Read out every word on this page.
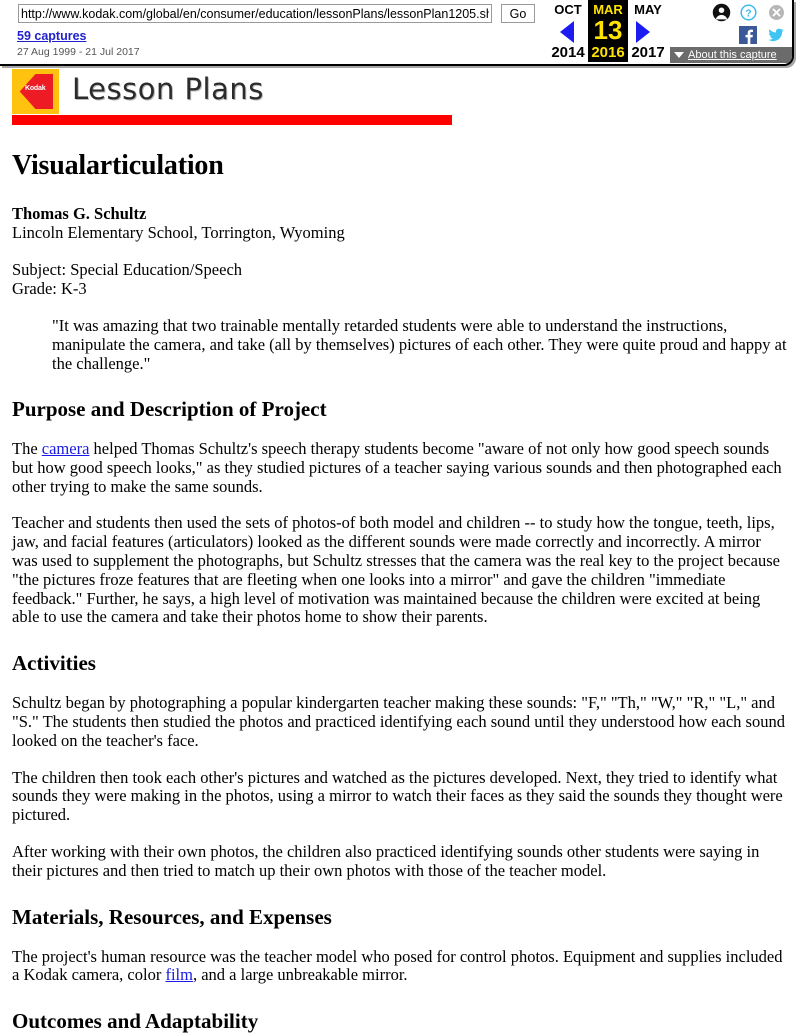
http://www.kodak.com/global/en/consumer/education/lessonPlans/lessonPlan1205.shtml
Go
59 captures
27 Aug 1999 - 21 Jul 2017
OCT
2014
MAR
13
2016
MAY
2017
?
About this capture
Kodak Lesson Plans
Visualarticulation

Thomas G. Schultz

Lincoln Elementary School, Torrington, Wyoming

Subject: Special Education/Speech

Grade: K-3

"It was amazing that two trainable mentally retarded students were able to understand the instructions, manipulate the camera, and take (all by themselves) pictures of each other. They were quite proud and happy at the challenge."
Purpose and Description of Project

The camera helped Thomas Schultz's speech therapy students become "aware of not only how good speech sounds but how good speech looks," as they studied pictures of a teacher saying various sounds and then photographed each other trying to make the same sounds.

Teacher and students then used the sets of photos-of both model and children -- to study how the tongue, teeth, lips, jaw, and facial features (articulators) looked as the different sounds were made correctly and incorrectly. A mirror was used to supplement the photographs, but Schultz stresses that the camera was the real key to the project because "the pictures froze features that are fleeting when one looks into a mirror" and gave the children "immediate feedback." Further, he says, a high level of motivation was maintained because the children were excited at being able to use the camera and take their photos home to show their parents.

Activities

Schultz began by photographing a popular kindergarten teacher making these sounds: "F," "Th," "W," "R," "L," and "S." The students then studied the photos and practiced identifying each sound until they understood how each sound looked on the teacher's face.

The children then took each other's pictures and watched as the pictures developed. Next, they tried to identify what sounds they were making in the photos, using a mirror to watch their faces as they said the sounds they thought were pictured.

After working with their own photos, the children also practiced identifying sounds other students were saying in their pictures and then tried to match up their own photos with those of the teacher model.

Materials, Resources, and Expenses

The project's human resource was the teacher model who posed for control photos. Equipment and supplies included a Kodak camera, color film, and a large unbreakable mirror.

Outcomes and Adaptability
